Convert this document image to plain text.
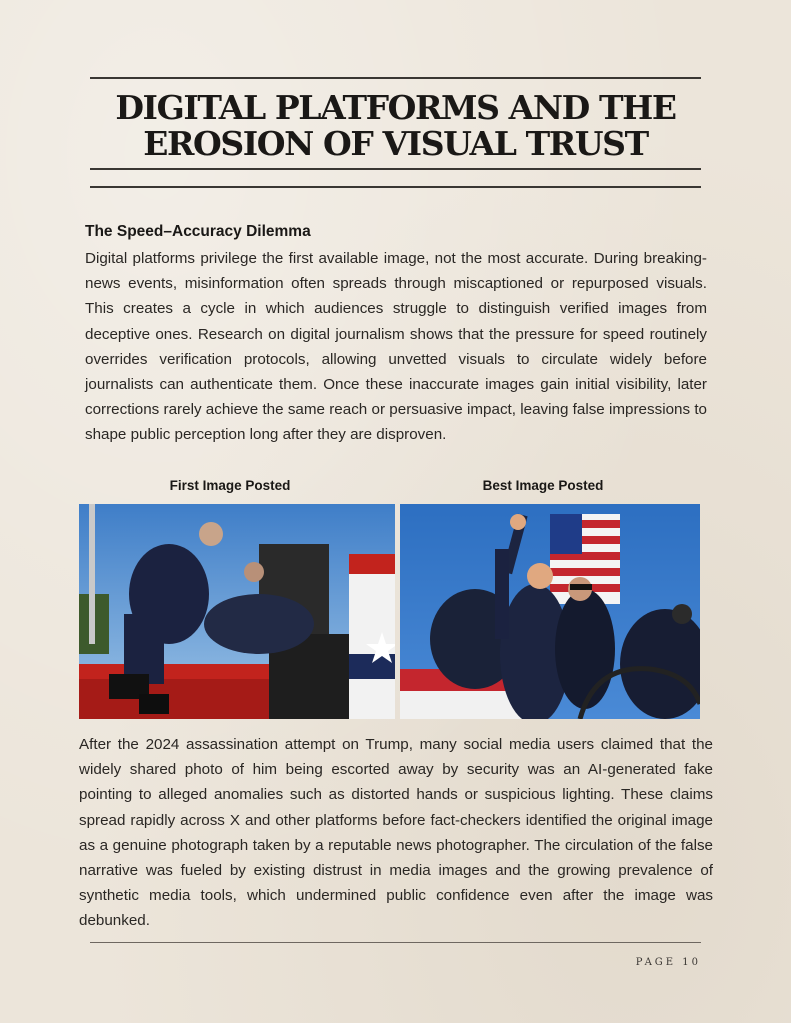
DIGITAL PLATFORMS AND THE EROSION OF VISUAL TRUST
The Speed–Accuracy Dilemma

Digital platforms privilege the first available image, not the most accurate. During breaking-news events, misinformation often spreads through miscaptioned or repurposed visuals. This creates a cycle in which audiences struggle to distinguish verified images from deceptive ones. Research on digital journalism shows that the pressure for speed routinely overrides verification protocols, allowing unvetted visuals to circulate widely before journalists can authenticate them. Once these inaccurate images gain initial visibility, later corrections rarely achieve the same reach or persuasive impact, leaving false impressions to shape public perception long after they are disproven.

First Image Posted	Best Image Posted

After the 2024 assassination attempt on Trump, many social media users claimed that the widely shared photo of him being escorted away by security was an AI-generated fake pointing to alleged anomalies such as distorted hands or suspicious lighting. These claims spread rapidly across X and other platforms before fact-checkers identified the original image as a genuine photograph taken by a reputable news photographer. The circulation of the false narrative was fueled by existing distrust in media images and the growing prevalence of synthetic media tools, which undermined public confidence even after the image was debunked.

PAGE 10
